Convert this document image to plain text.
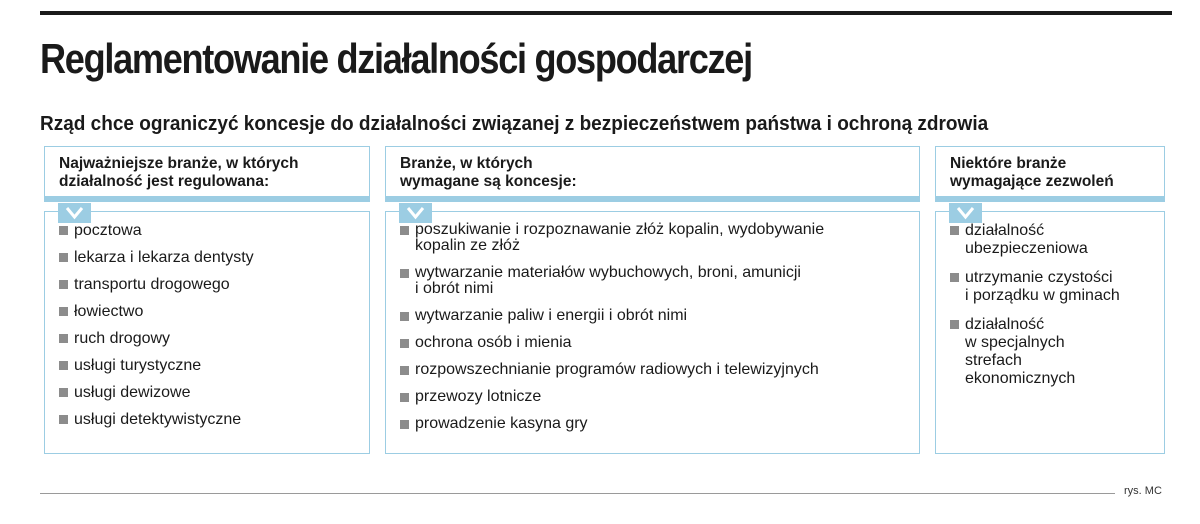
Reglamentowanie działalności gospodarczej
Rząd chce ograniczyć koncesje do działalności związanej z bezpieczeństwem państwa i ochroną zdrowia
Najważniejsze branże, w których
działalność jest regulowana:
pocztowa
lekarza i lekarza dentysty
transportu drogowego
łowiectwo
ruch drogowy
usługi turystyczne
usługi dewizowe
usługi detektywistyczne
Branże, w których
wymagane są koncesje:
poszukiwanie i rozpoznawanie złóż kopalin, wydobywanie
kopalin ze złóż
wytwarzanie materiałów wybuchowych, broni, amunicji
i obrót nimi
wytwarzanie paliw i energii i obrót nimi
ochrona osób i mienia
rozpowszechnianie programów radiowych i telewizyjnych
przewozy lotnicze
prowadzenie kasyna gry
Niektóre branże
wymagające zezwoleń
działalność
ubezpieczeniowa
utrzymanie czystości
i porządku w gminach
działalność
w specjalnych
strefach
ekonomicznych
rys. MC
